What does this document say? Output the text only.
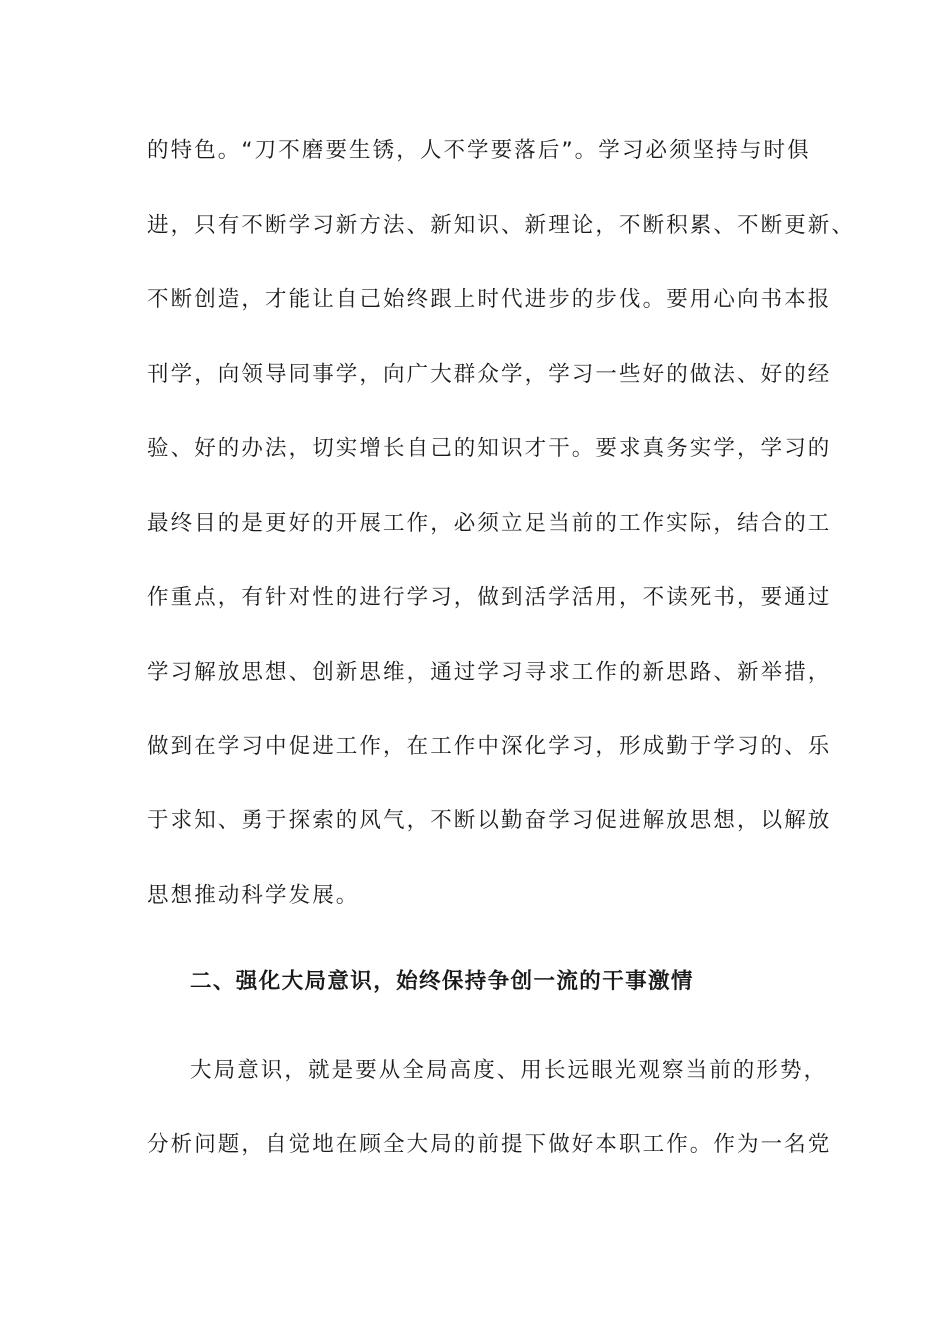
的特色。“刀不磨要生锈，人不学要落后”。学习必须坚持与时俱
进，只有不断学习新方法、新知识、新理论，不断积累、不断更新、
不断创造，才能让自己始终跟上时代进步的步伐。要用心向书本报
刊学，向领导同事学，向广大群众学，学习一些好的做法、好的经
验、好的办法，切实增长自己的知识才干。要求真务实学，学习的
最终目的是更好的开展工作，必须立足当前的工作实际，结合的工
作重点，有针对性的进行学习，做到活学活用，不读死书，要通过
学习解放思想、创新思维，通过学习寻求工作的新思路、新举措，
做到在学习中促进工作，在工作中深化学习，形成勤于学习的、乐
于求知、勇于探索的风气，不断以勤奋学习促进解放思想，以解放
思想推动科学发展。
二、强化大局意识，始终保持争创一流的干事激情
大局意识，就是要从全局高度、用长远眼光观察当前的形势，
分析问题，自觉地在顾全大局的前提下做好本职工作。作为一名党
